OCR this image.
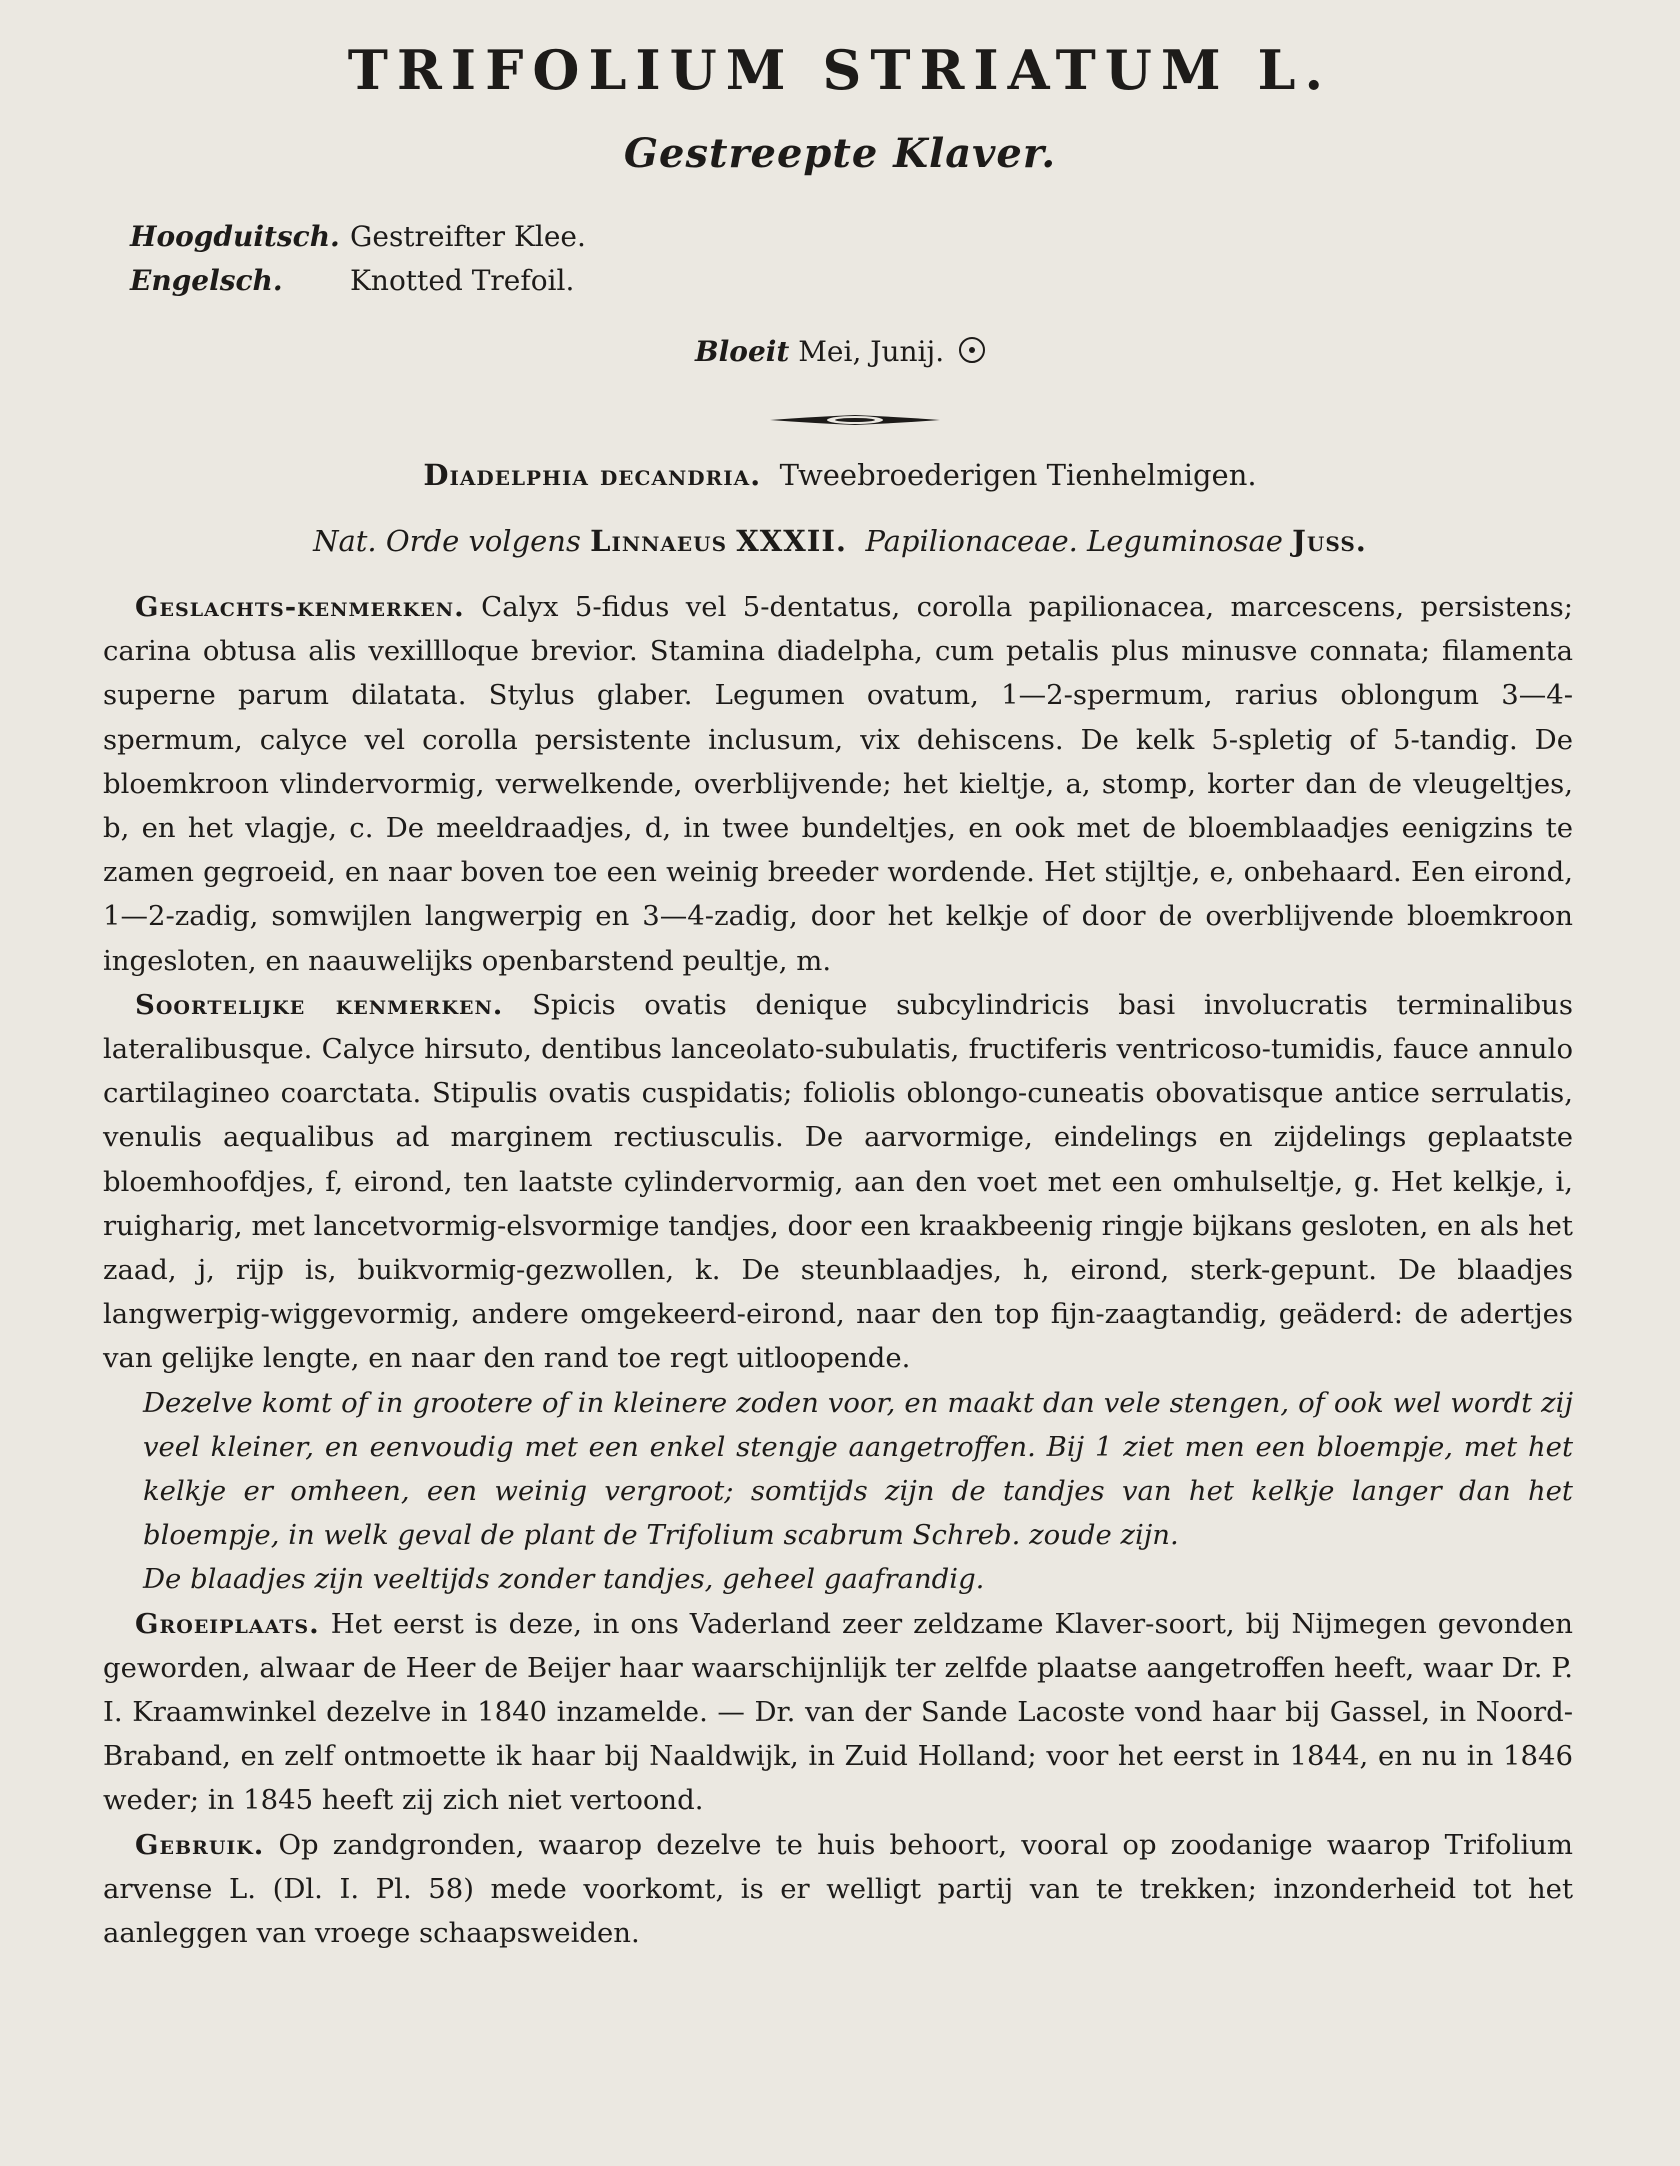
TRIFOLIUM STRIATUM L.
Gestreepte Klaver.
Hoogduitsch. Gestreifter Klee.
Engelsch.	Knotted Trefoil.
Bloeit Mei, Junij.
Diadelphia decandria. Tweebroederigen Tienhelmigen.
Nat. Orde volgens Linnaeus XXXII. Papilionaceae. Leguminosae Juss.

Geslachts-kenmerken. Calyx 5-fidus vel 5-dentatus, corolla papilionacea, marcescens, persistens; carina obtusa alis vexillloque brevior. Stamina diadelpha, cum petalis plus minusve connata; filamenta superne parum dilatata. Stylus glaber. Legumen ovatum, 1—2-spermum, rarius oblongum 3—4-spermum, calyce vel corolla persistente inclusum, vix dehiscens. De kelk 5-spletig of 5-tandig. De bloemkroon vlindervormig, verwelkende, overblijvende; het kieltje, a, stomp, korter dan de vleugeltjes, b, en het vlagje, c. De meeldraadjes, d, in twee bundeltjes, en ook met de bloemblaadjes eenigzins te zamen gegroeid, en naar boven toe een weinig breeder wordende. Het stijltje, e, onbehaard. Een eirond, 1—2-zadig, somwijlen langwerpig en 3—4-zadig, door het kelkje of door de overblijvende bloemkroon ingesloten, en naauwelijks openbarstend peultje, m.

Soortelijke kenmerken. Spicis ovatis denique subcylindricis basi involucratis terminalibus lateralibusque. Calyce hirsuto, dentibus lanceolato-subulatis, fructiferis ventricoso-tumidis, fauce annulo cartilagineo coarctata. Stipulis ovatis cuspidatis; foliolis oblongo-cuneatis obovatisque antice serrulatis, venulis aequalibus ad marginem rectiusculis. De aarvormige, eindelings en zijdelings geplaatste bloemhoofdjes, f, eirond, ten laatste cylindervormig, aan den voet met een omhulseltje, g. Het kelkje, i, ruigharig, met lancetvormig-elsvormige tandjes, door een kraakbeenig ringje bijkans gesloten, en als het zaad, j, rijp is, buikvormig-gezwollen, k. De steunblaadjes, h, eirond, sterk-gepunt. De blaadjes langwerpig-wiggevormig, andere omgekeerd-eirond, naar den top fijn-zaagtandig, geäderd: de adertjes van gelijke lengte, en naar den rand toe regt uitloopende.

Dezelve komt of in grootere of in kleinere zoden voor, en maakt dan vele stengen, of ook wel wordt zij veel kleiner, en eenvoudig met een enkel stengje aangetroffen. Bij 1 ziet men een bloempje, met het kelkje er omheen, een weinig vergroot; somtijds zijn de tandjes van het kelkje langer dan het bloempje, in welk geval de plant de Trifolium scabrum Schreb. zoude zijn.

De blaadjes zijn veeltijds zonder tandjes, geheel gaafrandig.

Groeiplaats. Het eerst is deze, in ons Vaderland zeer zeldzame Klaver-soort, bij Nijmegen gevonden geworden, alwaar de Heer de Beijer haar waarschijnlijk ter zelfde plaatse aangetroffen heeft, waar Dr. P. I. Kraamwinkel dezelve in 1840 inzamelde. — Dr. van der Sande Lacoste vond haar bij Gassel, in Noord-Braband, en zelf ontmoette ik haar bij Naaldwijk, in Zuid Holland; voor het eerst in 1844, en nu in 1846 weder; in 1845 heeft zij zich niet vertoond.

Gebruik. Op zandgronden, waarop dezelve te huis behoort, vooral op zoodanige waarop Trifolium arvense L. (Dl. I. Pl. 58) mede voorkomt, is er welligt partij van te trekken; inzonderheid tot het aanleggen van vroege schaapsweiden.
